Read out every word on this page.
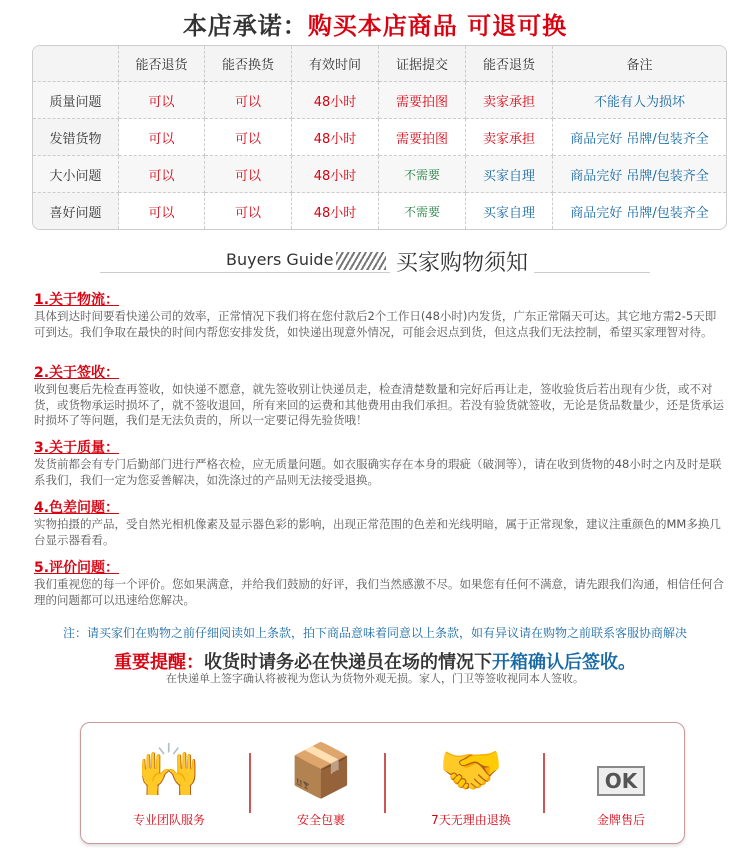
本店承诺：购买本店商品 可退可换
	能否退货	能否换货	有效时间	证据提交	能否退货	备注
质量问题	可以	可以	48小时	需要拍图	卖家承担	不能有人为损坏
发错货物	可以	可以	48小时	需要拍图	卖家承担	商品完好 吊牌/包装齐全
大小问题	可以	可以	48小时	不需要	买家自理	商品完好 吊牌/包装齐全
喜好问题	可以	可以	48小时	不需要	买家自理	商品完好 吊牌/包装齐全
Buyers Guide	买家购物须知
1.关于物流：

具体到达时间要看快递公司的效率，正常情况下我们将在您付款后2个工作日(48小时)内发货，广东正常隔天可达。其它地方需2-5天即可到达。我们争取在最快的时间内帮您安排发货，如快递出现意外情况，可能会迟点到货，但这点我们无法控制，希望买家理智对待。

2.关于签收：

收到包裹后先检查再签收，如快递不愿意，就先签收别让快递员走，检查清楚数量和完好后再让走，签收验货后若出现有少货，或不对货，或货物承运时损坏了，就不签收退回，所有来回的运费和其他费用由我们承担。若没有验货就签收，无论是货品数量少，还是货承运时损坏了等问题，我们是无法负责的，所以一定要记得先验货哦！

3.关于质量：

发货前都会有专门后勤部门进行严格衣检，应无质量问题。如衣服确实存在本身的瑕疵（破洞等），请在收到货物的48小时之内及时是联系我们，我们一定为您妥善解决，如洗涤过的产品则无法接受退换。

4.色差问题：

实物拍摄的产品，受自然光相机像素及显示器色彩的影响，出现正常范围的色差和光线明暗，属于正常现象，建议注重颜色的MM多换几台显示器看看。

5.评价问题：

我们重视您的每一个评价。您如果满意，并给我们鼓励的好评，我们当然感激不尽。如果您有任何不满意，请先跟我们沟通，相信任何合理的问题都可以迅速给您解决。

注：请买家们在购物之前仔细阅读如上条款，拍下商品意味着同意以上条款，如有异议请在购物之前联系客服协商解决
重要提醒：收货时请务必在快递员在场的情况下开箱确认后签收。
在快递单上签字确认将被视为您认为货物外观无损。家人，门卫等签收视同本人签收。
🙌
专业团队服务
📦
安全包裹
🤝
7天无理由退换
OK
金牌售后
